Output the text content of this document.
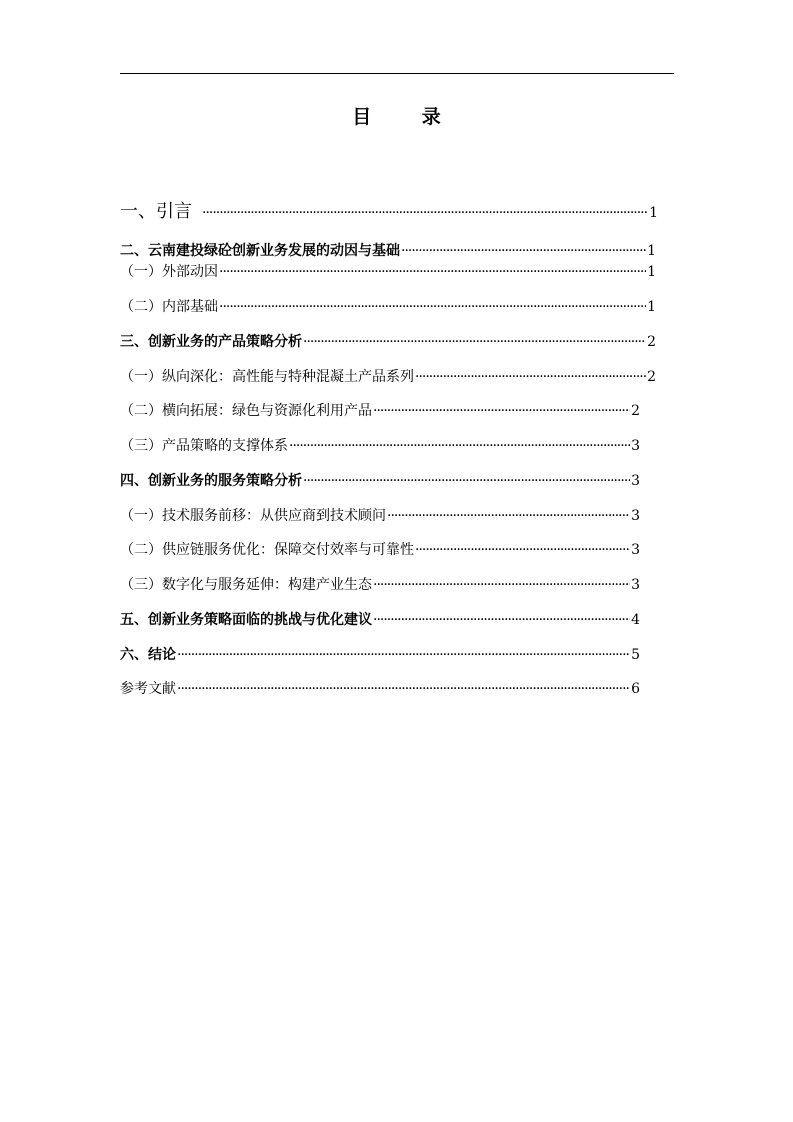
目 录
一、引言 ·····	1
二、云南建投绿砼创新业务发展的动因与基础 ·····	1
（一）外部动因 ·····	1
（二）内部基础 ·····	1
三、创新业务的产品策略分析 ·····	2
（一）纵向深化：高性能与特种混凝土产品系列 ·····	2
（二）横向拓展：绿色与资源化利用产品 ·····	2
（三）产品策略的支撑体系 ·····	3
四、创新业务的服务策略分析 ·····	3
（一）技术服务前移：从供应商到技术顾问 ·····	3
（二）供应链服务优化：保障交付效率与可靠性 ·····	3
（三）数字化与服务延伸：构建产业生态 ·····	3
五、创新业务策略面临的挑战与优化建议 ·····	4
六、结论 ·····	5
参考文献 ·····	6
